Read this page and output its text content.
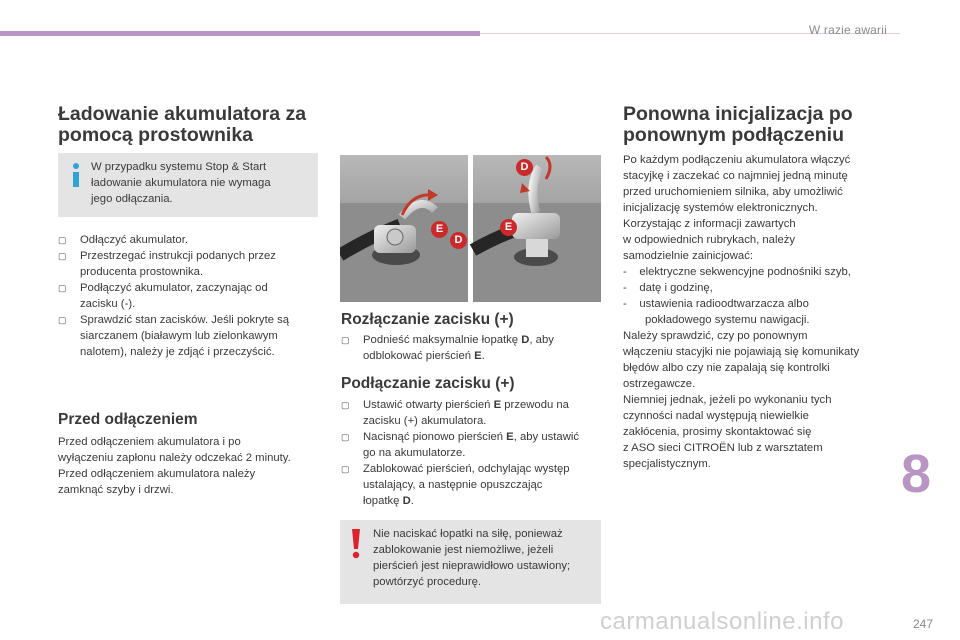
W razie awarii
Ładowanie akumulatora za
pomocą prostownika
W przypadku systemu Stop & Start
ładowanie akumulatora nie wymaga
jego odłączania.
▢ Odłączyć akumulator.
▢ Przestrzegać instrukcji podanych przez
producenta prostownika.
▢ Podłączyć akumulator, zaczynając od
zacisku (-).
▢ Sprawdzić stan zacisków. Jeśli pokryte są
siarczanem (białawym lub zielonkawym
nalotem), należy je zdjąć i przeczyścić.
Przed odłączeniem
Przed odłączeniem akumulatora i po
wyłączeniu zapłonu należy odczekać 2 minuty.
Przed odłączeniem akumulatora należy
zamknąć szyby i drzwi.
E
D
D
E
Rozłączanie zacisku (+)
▢ Podnieść maksymalnie łopatkę D, aby
odblokować pierścień E.
Podłączanie zacisku (+)
▢ Ustawić otwarty pierścień E przewodu na
zacisku (+) akumulatora.
▢ Nacisnąć pionowo pierścień E, aby ustawić
go na akumulatorze.
▢ Zablokować pierścień, odchylając występ
ustalający, a następnie opuszczając
łopatkę D.
Nie naciskać łopatki na siłę, ponieważ
zablokowanie jest niemożliwe, jeżeli
pierścień jest nieprawidłowo ustawiony;
powtórzyć procedurę.
Ponowna inicjalizacja po
ponownym podłączeniu
Po każdym podłączeniu akumulatora włączyć
stacyjkę i zaczekać co najmniej jedną minutę
przed uruchomieniem silnika, aby umożliwić
inicjalizację systemów elektronicznych.
Korzystając z informacji zawartych
w odpowiednich rubrykach, należy
samodzielnie zainicjować:
-    elektryczne sekwencyjne podnośniki szyb,
-    datę i godzinę,
-    ustawienia radioodtwarzacza albo
pokładowego systemu nawigacji.
Należy sprawdzić, czy po ponownym
włączeniu stacyjki nie pojawiają się komunikaty
błędów albo czy nie zapalają się kontrolki
ostrzegawcze.
Niemniej jednak, jeżeli po wykonaniu tych
czynności nadal występują niewielkie
zakłócenia, prosimy skontaktować się
z ASO sieci CITROËN lub z warsztatem
specjalistycznym.	8
carmanualsonline.info	247
